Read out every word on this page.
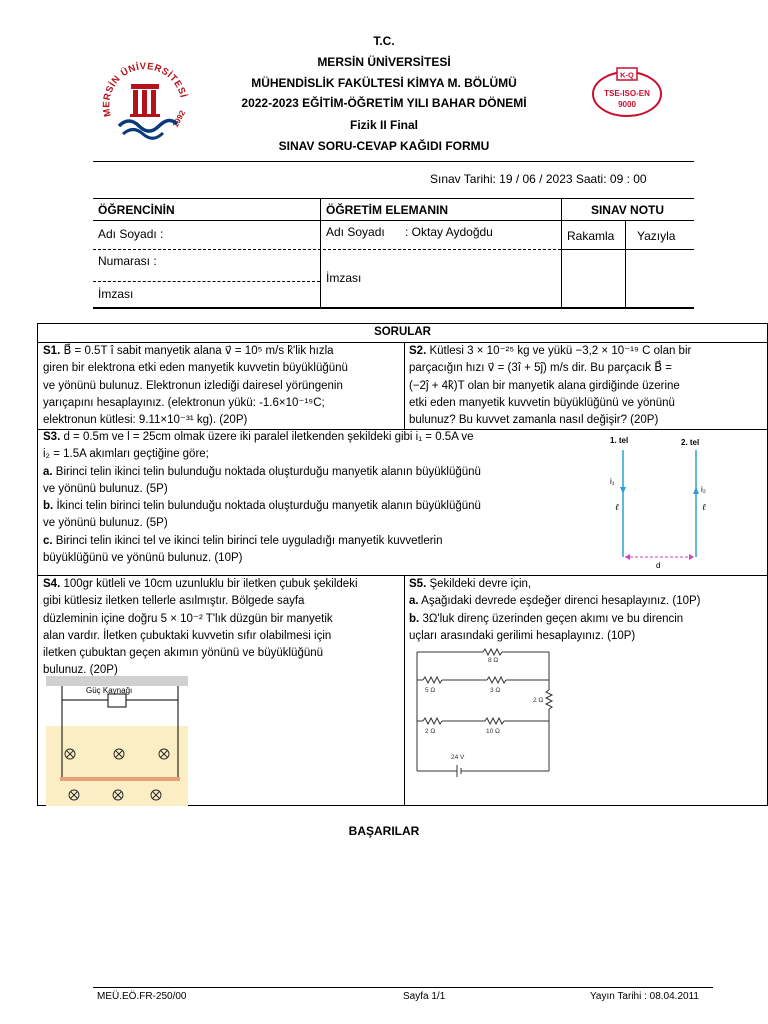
T.C.
MERSİN ÜNİVERSİTESİ
MÜHENDİSLİK FAKÜLTESİ KİMYA M. BÖLÜMÜ
2022-2023 EĞİTİM-ÖĞRETİM YILI BAHAR DÖNEMİ
Fizik II Final
SINAV SORU-CEVAP KAĞIDI FORMU
MERSİN ÜNİVERSİTESİ
1992
K-Q
TSE-ISO-EN
9000
Sınav Tarihi: 19 / 06 / 2023 Saati: 09 : 00
ÖĞRENCİNİN	ÖĞRETİM ELEMANIN	SINAV NOTU
Adı Soyadı :	Adı Soyadı : Oktay Aydoğdu	Rakamla Yazıyla
Numarası :
İmzası
İmzası
SORULAR
S1. B⃗ = 0.5T î sabit manyetik alana v⃗ = 10⁵ m/s k̂'lik hızla
giren bir elektrona etki eden manyetik kuvvetin büyüklüğünü
ve yönünü bulunuz. Elektronun izlediği dairesel yörüngenin
yarıçapını hesaplayınız. (elektronun yükü: -1.6×10⁻¹⁹C;
elektronun kütlesi: 9.11×10⁻³¹ kg). (20P)
S2. Kütlesi 3 × 10⁻²⁵ kg ve yükü −3,2 × 10⁻¹⁹ C olan bir
parçacığın hızı v⃗ = (3î + 5ĵ) m/s dir. Bu parçacık B⃗ =
(−2ĵ + 4k̂)T olan bir manyetik alana girdiğinde üzerine
etki eden manyetik kuvvetin büyüklüğünü ve yönünü
bulunuz? Bu kuvvet zamanla nasıl değişir? (20P)
S3. d = 0.5m ve l = 25cm olmak üzere iki paralel iletkenden şekildeki gibi i₁ = 0.5A ve
i₂ = 1.5A akımları geçtiğine göre;
a. Birinci telin ikinci telin bulunduğu noktada oluşturduğu manyetik alanın büyüklüğünü
ve yönünü bulunuz. (5P)
b. İkinci telin birinci telin bulunduğu noktada oluşturduğu manyetik alanın büyüklüğünü
ve yönünü bulunuz. (5P)
c. Birinci telin ikinci tel ve ikinci telin birinci tele uyguladığı manyetik kuvvetlerin
büyüklüğünü ve yönünü bulunuz. (10P)
1. tel	2. tel
i₁
i₂
ℓ	ℓ
d
S4. 100gr kütleli ve 10cm uzunluklu bir iletken çubuk şekildeki
gibi kütlesiz iletken tellerle asılmıştır. Bölgede sayfa
düzleminin içine doğru 5 × 10⁻² T'lık düzgün bir manyetik
alan vardır. İletken çubuktaki kuvvetin sıfır olabilmesi için
iletken çubuktan geçen akımın yönünü ve büyüklüğünü
bulunuz. (20P)
Güç Kaynağı
S5. Şekildeki devre için,
a. Aşağıdaki devrede eşdeğer direnci hesaplayınız. (10P)
b. 3Ω'luk direnç üzerinden geçen akımı ve bu direncin
uçları arasındaki gerilimi hesaplayınız. (10P)
8 Ω
5 Ω	3 Ω
2 Ω
2 Ω	10 Ω
24 V
BAŞARILAR
MEÜ.EÖ.FR-250/00	Sayfa 1/1	Yayın Tarihi : 08.04.2011
